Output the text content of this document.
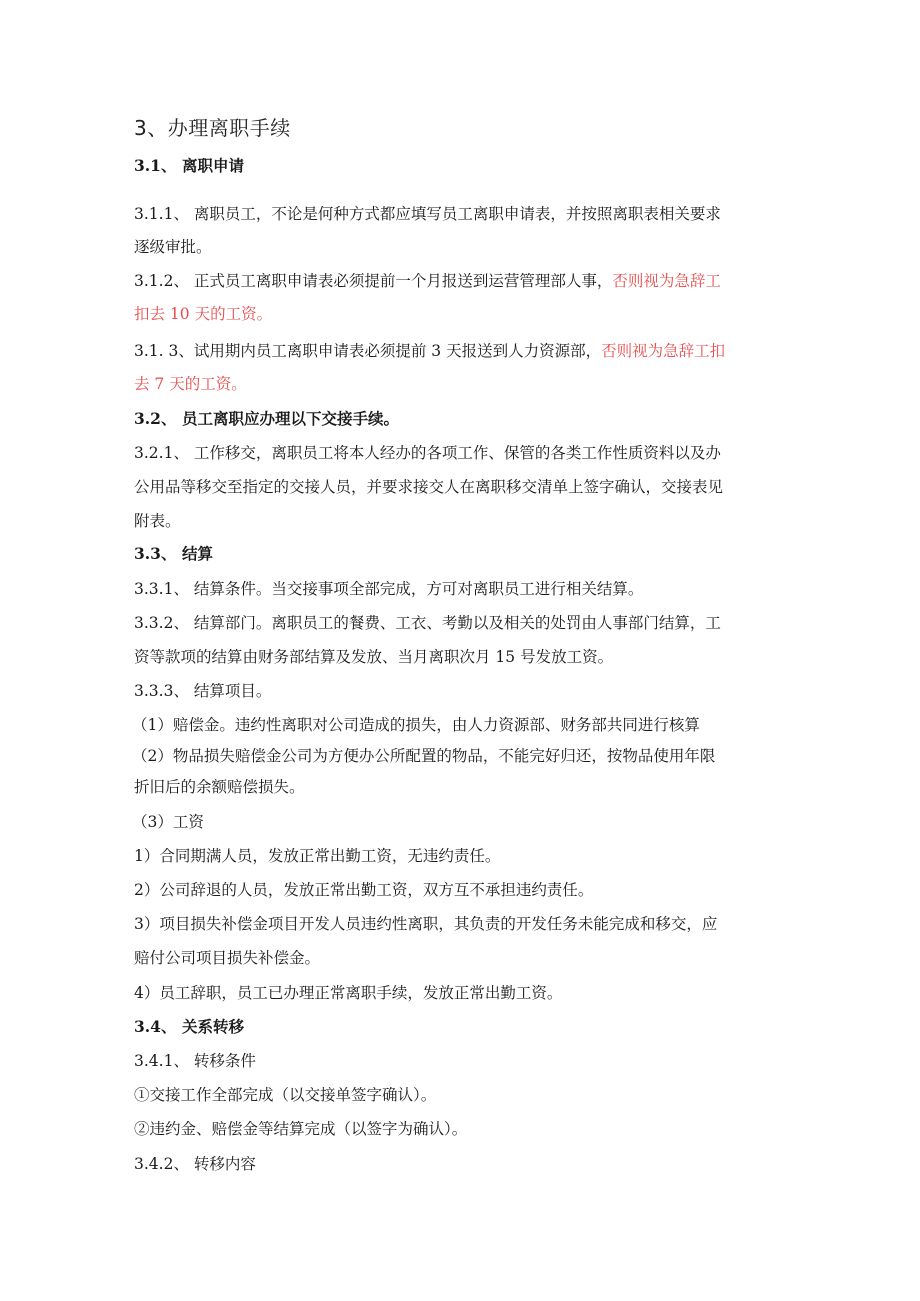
3、办理离职手续
3.1、 离职申请
3.1.1、 离职员工，不论是何种方式都应填写员工离职申请表，并按照离职表相关要求
逐级审批。
3.1.2、 正式员工离职申请表必须提前一个月报送到运营管理部人事，否则视为急辞工
扣去 10 天的工资。
3.1. 3、试用期内员工离职申请表必须提前 3 天报送到人力资源部，否则视为急辞工扣
去 7 天的工资。
3.2、 员工离职应办理以下交接手续。
3.2.1、 工作移交，离职员工将本人经办的各项工作、保管的各类工作性质资料以及办
公用品等移交至指定的交接人员，并要求接交人在离职移交清单上签字确认，交接表见
附表。
3.3、 结算
3.3.1、 结算条件。当交接事项全部完成，方可对离职员工进行相关结算。
3.3.2、 结算部门。离职员工的餐费、工衣、考勤以及相关的处罚由人事部门结算，工
资等款项的结算由财务部结算及发放、当月离职次月 15 号发放工资。
3.3.3、 结算项目。
（1）赔偿金。违约性离职对公司造成的损失，由人力资源部、财务部共同进行核算
（2）物品损失赔偿金公司为方便办公所配置的物品，不能完好归还，按物品使用年限
折旧后的余额赔偿损失。
（3）工资
1）合同期满人员，发放正常出勤工资，无违约责任。
2）公司辞退的人员，发放正常出勤工资，双方互不承担违约责任。
3）项目损失补偿金项目开发人员违约性离职，其负责的开发任务未能完成和移交，应
赔付公司项目损失补偿金。
4）员工辞职，员工已办理正常离职手续，发放正常出勤工资。
3.4、 关系转移
3.4.1、 转移条件
①交接工作全部完成（以交接单签字确认）。
②违约金、赔偿金等结算完成（以签字为确认）。
3.4.2、 转移内容
